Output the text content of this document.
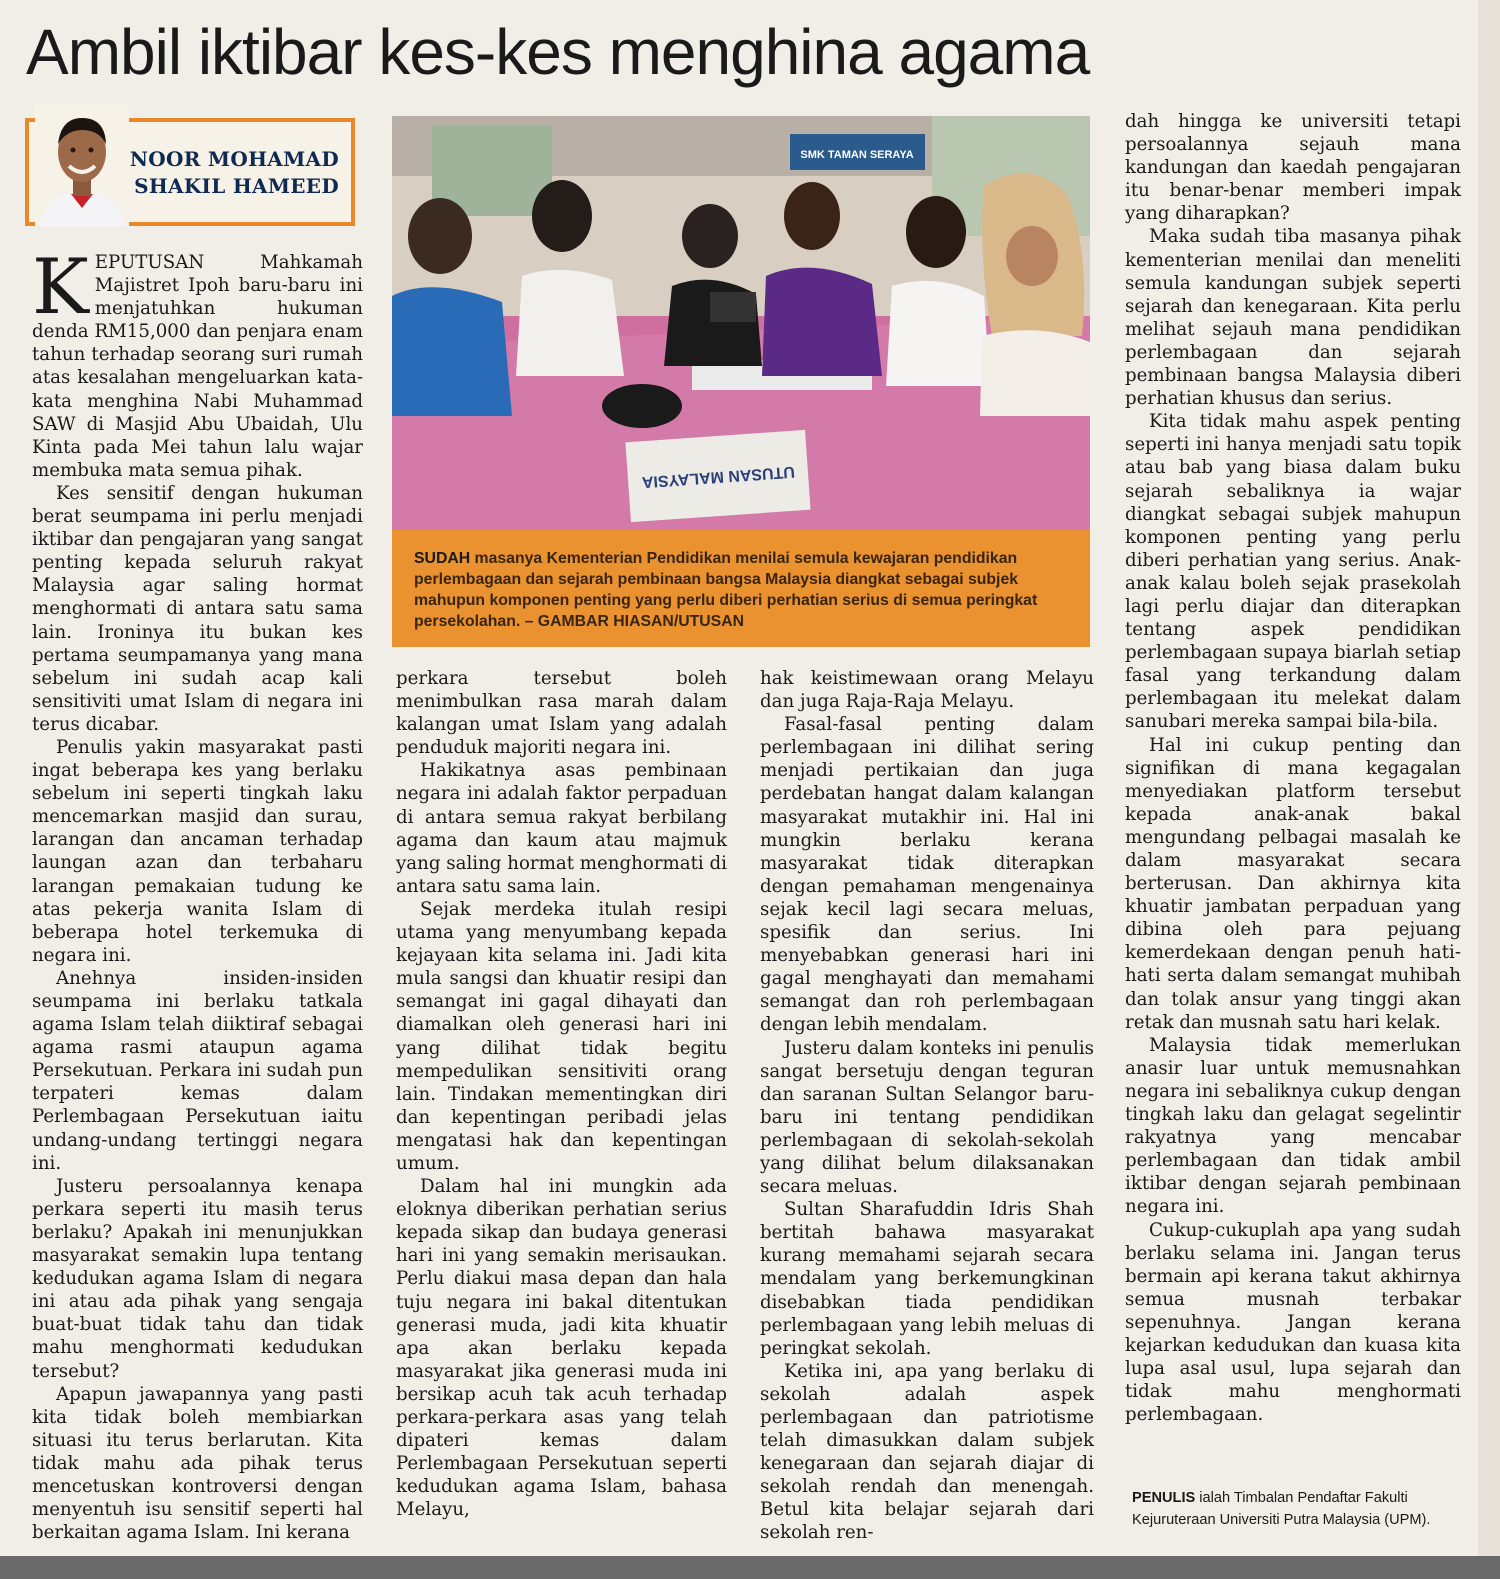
Ambil iktibar kes-kes menghina agama
NOOR MOHAMAD
SHAKIL HAMEED

KEPUTUSAN Mahkamah Majistret Ipoh baru-baru ini menjatuhkan hukuman denda RM15,000 dan penjara enam tahun terhadap seorang suri rumah atas kesalahan mengeluarkan kata-kata menghina Nabi Muhammad SAW di Masjid Abu Ubaidah, Ulu Kinta pada Mei tahun lalu wajar membuka mata semua pihak.

Kes sensitif dengan hukuman berat seumpama ini perlu menjadi iktibar dan pengajaran yang sangat penting kepada seluruh rakyat Malaysia agar saling hormat menghormati di antara satu sama lain. Ironinya itu bukan kes pertama seumpamanya yang mana sebelum ini sudah acap kali sensitiviti umat Islam di negara ini terus dicabar.

Penulis yakin masyarakat pasti ingat beberapa kes yang berlaku sebelum ini seperti tingkah laku mencemarkan masjid dan surau, larangan dan ancaman terhadap laungan azan dan terbaharu larangan pemakaian tudung ke atas pekerja wanita Islam di beberapa hotel terkemuka di negara ini.

Anehnya insiden-insiden seumpama ini berlaku tatkala agama Islam telah diiktiraf sebagai agama rasmi ataupun agama Persekutuan. Perkara ini sudah pun terpateri kemas dalam Perlembagaan Persekutuan iaitu undang-undang tertinggi negara ini.

Justeru persoalannya kenapa perkara seperti itu masih terus berlaku? Apakah ini menunjukkan masyarakat semakin lupa tentang kedudukan agama Islam di negara ini atau ada pihak yang sengaja buat-buat tidak tahu dan tidak mahu menghormati kedudukan tersebut?

Apapun jawapannya yang pasti kita tidak boleh membiarkan situasi itu terus berlarutan. Kita tidak mahu ada pihak terus mencetuskan kontroversi dengan menyentuh isu sensitif seperti hal berkaitan agama Islam. Ini kerana

SMK TAMAN SERAYA
UTUSAN MALAYSIA
SUDAH masanya Kementerian Pendidikan menilai semula kewajaran pendidikan perlembagaan dan sejarah pembinaan bangsa Malaysia diangkat sebagai subjek mahupun komponen penting yang perlu diberi perhatian serius di semua peringkat persekolahan. – GAMBAR HIASAN/UTUSAN

perkara tersebut boleh menimbulkan rasa marah dalam kalangan umat Islam yang adalah penduduk majoriti negara ini.

Hakikatnya asas pembinaan negara ini adalah faktor perpaduan di antara semua rakyat berbilang agama dan kaum atau majmuk yang saling hormat menghormati di antara satu sama lain.

Sejak merdeka itulah resipi utama yang menyumbang kepada kejayaan kita selama ini. Jadi kita mula sangsi dan khuatir resipi dan semangat ini gagal dihayati dan diamalkan oleh generasi hari ini yang dilihat tidak begitu mempedulikan sensitiviti orang lain. Tindakan mementingkan diri dan kepentingan peribadi jelas mengatasi hak dan kepentingan umum.

Dalam hal ini mungkin ada eloknya diberikan perhatian serius kepada sikap dan budaya generasi hari ini yang semakin merisaukan. Perlu diakui masa depan dan hala tuju negara ini bakal ditentukan generasi muda, jadi kita khuatir apa akan berlaku kepada masyarakat jika generasi muda ini bersikap acuh tak acuh terhadap perkara-perkara asas yang telah dipateri kemas dalam Perlembagaan Persekutuan seperti kedudukan agama Islam, bahasa Melayu,

hak keistimewaan orang Melayu dan juga Raja-Raja Melayu.

Fasal-fasal penting dalam perlembagaan ini dilihat sering menjadi pertikaian dan juga perdebatan hangat dalam kalangan masyarakat mutakhir ini. Hal ini mungkin berlaku kerana masyarakat tidak diterapkan dengan pemahaman mengenainya sejak kecil lagi secara meluas, spesifik dan serius. Ini menyebabkan generasi hari ini gagal menghayati dan memahami semangat dan roh perlembagaan dengan lebih mendalam.

Justeru dalam konteks ini penulis sangat bersetuju dengan teguran dan saranan Sultan Selangor baru-baru ini tentang pendidikan perlembagaan di sekolah-sekolah yang dilihat belum dilaksanakan secara meluas.

Sultan Sharafuddin Idris Shah bertitah bahawa masyarakat kurang memahami sejarah secara mendalam yang berkemungkinan disebabkan tiada pendidikan perlembagaan yang lebih meluas di peringkat sekolah.

Ketika ini, apa yang berlaku di sekolah adalah aspek perlembagaan dan patriotisme telah dimasukkan dalam subjek kenegaraan dan sejarah diajar di sekolah rendah dan menengah. Betul kita belajar sejarah dari sekolah ren-

dah hingga ke universiti tetapi persoalannya sejauh mana kandungan dan kaedah pengajaran itu benar-benar memberi impak yang diharapkan?

Maka sudah tiba masanya pihak kementerian menilai dan meneliti semula kandungan subjek seperti sejarah dan kenegaraan. Kita perlu melihat sejauh mana pendidikan perlembagaan dan sejarah pembinaan bangsa Malaysia diberi perhatian khusus dan serius.

Kita tidak mahu aspek penting seperti ini hanya menjadi satu topik atau bab yang biasa dalam buku sejarah sebaliknya ia wajar diangkat sebagai subjek mahupun komponen penting yang perlu diberi perhatian yang serius. Anak-anak kalau boleh sejak prasekolah lagi perlu diajar dan diterapkan tentang aspek pendidikan perlembagaan supaya biarlah setiap fasal yang terkandung dalam perlembagaan itu melekat dalam sanubari mereka sampai bila-bila.

Hal ini cukup penting dan signifikan di mana kegagalan menyediakan platform tersebut kepada anak-anak bakal mengundang pelbagai masalah ke dalam masyarakat secara berterusan. Dan akhirnya kita khuatir jambatan perpaduan yang dibina oleh para pejuang kemerdekaan dengan penuh hati-hati serta dalam semangat muhibah dan tolak ansur yang tinggi akan retak dan musnah satu hari kelak.

Malaysia tidak memerlukan anasir luar untuk memusnahkan negara ini sebaliknya cukup dengan tingkah laku dan gelagat segelintir rakyatnya yang mencabar perlembagaan dan tidak ambil iktibar dengan sejarah pembinaan negara ini.

Cukup-cukuplah apa yang sudah berlaku selama ini. Jangan terus bermain api kerana takut akhirnya semua musnah terbakar sepenuhnya. Jangan kerana kejarkan kedudukan dan kuasa kita lupa asal usul, lupa sejarah dan tidak mahu menghormati perlembagaan.

PENULIS ialah Timbalan Pendaftar Fakulti Kejuruteraan Universiti Putra Malaysia (UPM).
